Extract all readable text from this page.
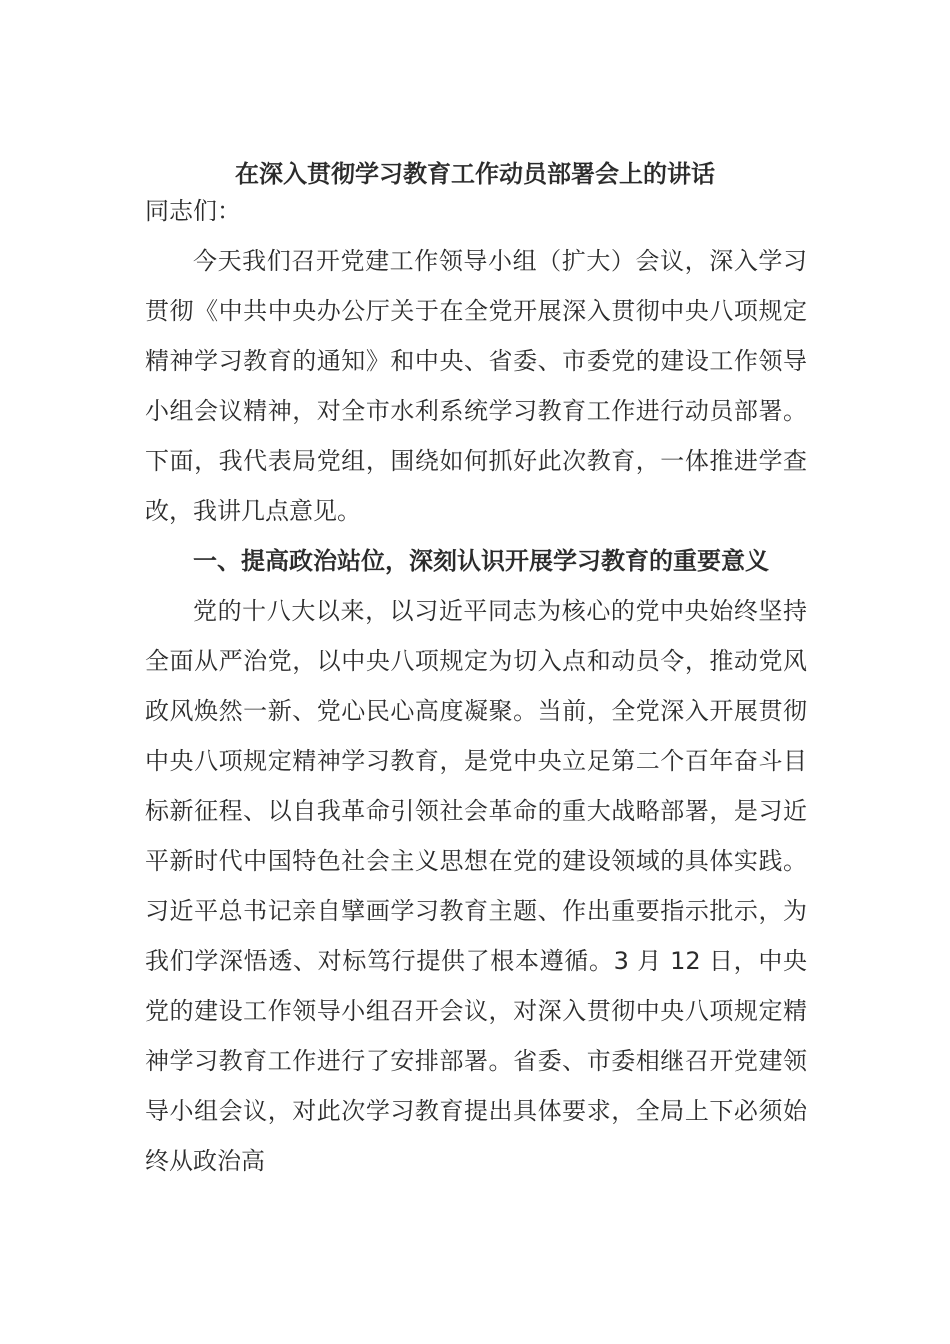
在深入贯彻学习教育工作动员部署会上的讲话

同志们：

今天我们召开党建工作领导小组（扩大）会议，深入学习贯彻《中共中央办公厅关于在全党开展深入贯彻中央八项规定精神学习教育的通知》和中央、省委、市委党的建设工作领导小组会议精神，对全市水利系统学习教育工作进行动员部署。下面，我代表局党组，围绕如何抓好此次教育，一体推进学查改，我讲几点意见。

一、提高政治站位，深刻认识开展学习教育的重要意义

党的十八大以来，以习近平同志为核心的党中央始终坚持全面从严治党，以中央八项规定为切入点和动员令，推动党风政风焕然一新、党心民心高度凝聚。当前，全党深入开展贯彻中央八项规定精神学习教育，是党中央立足第二个百年奋斗目标新征程、以自我革命引领社会革命的重大战略部署，是习近平新时代中国特色社会主义思想在党的建设领域的具体实践。习近平总书记亲自擘画学习教育主题、作出重要指示批示，为我们学深悟透、对标笃行提供了根本遵循。3 月 12 日，中央党的建设工作领导小组召开会议，对深入贯彻中央八项规定精神学习教育工作进行了安排部署。省委、市委相继召开党建领导小组会议，对此次学习教育提出具体要求，全局上下必须始终从政治高
